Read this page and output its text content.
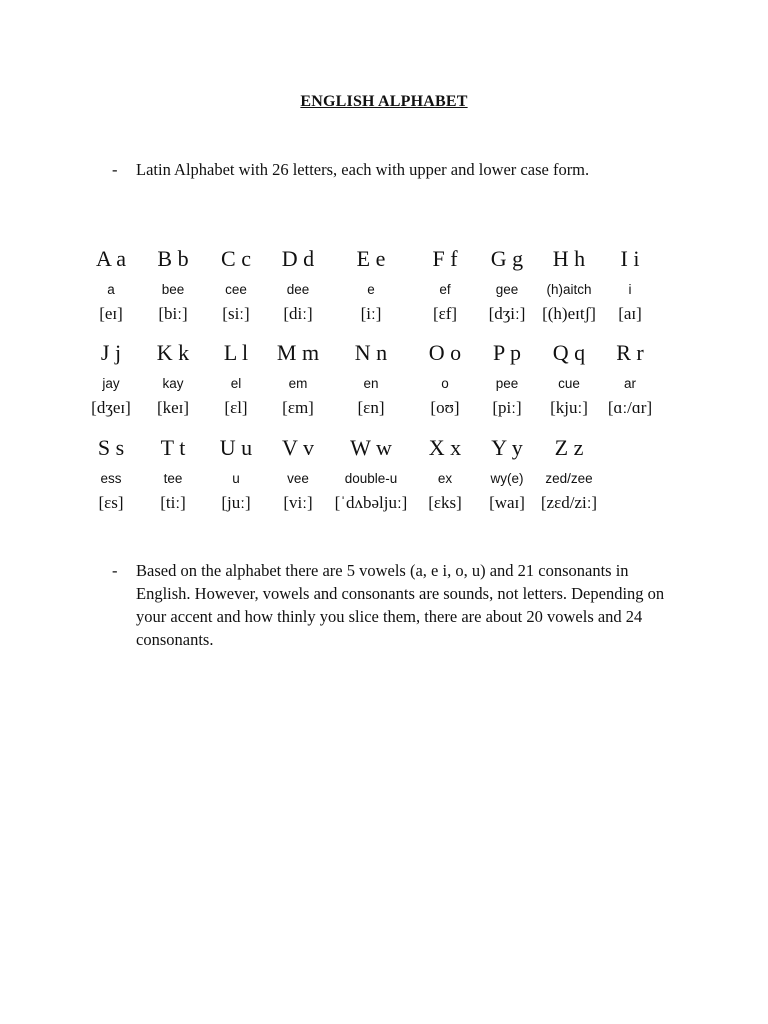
ENGLISH ALPHABET
-	Latin Alphabet with 26 letters, each with upper and lower case form.
A a
a
[eɪ]
B b
bee
[biː]
C c
cee
[siː]
D d
dee
[diː]
E e
e
[iː]
F f
ef
[ɛf]
G g
gee
[dʒiː]
H h
(h)aitch
[(h)eɪtʃ]
I i
i
[aɪ]
J j
jay
[dʒeɪ]
K k
kay
[keɪ]
L l
el
[ɛl]
M m
em
[ɛm]
N n
en
[ɛn]
O o
o
[oʊ]
P p
pee
[piː]
Q q
cue
[kjuː]
R r
ar
[ɑː/ɑr]
S s
ess
[ɛs]
T t
tee
[tiː]
U u
u
[juː]
V v
vee
[viː]
W w
double-u
[ˈdʌbəljuː]
X x
ex
[ɛks]
Y y
wy(e)
[waɪ]
Z z
zed/zee
[zɛd/ziː]
-	Based on the alphabet there are 5 vowels (a, e i, o, u) and 21 consonants in English. However, vowels and consonants are sounds, not letters. Depending on your accent and how thinly you slice them, there are about 20 vowels and 24 consonants.
